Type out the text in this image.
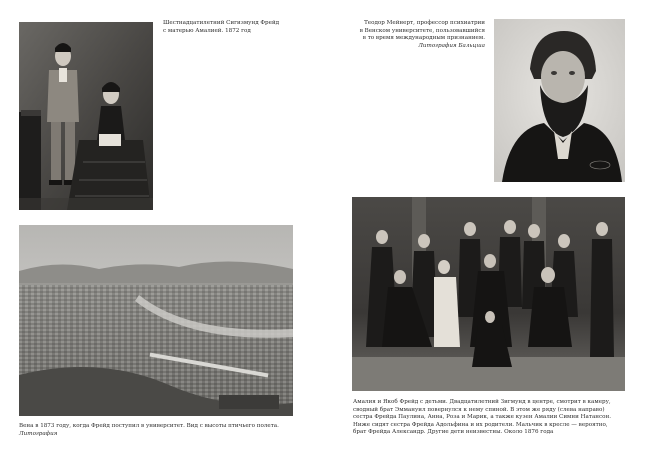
Шестнадцатилетний Сигизмунд Фрейд
с матерью Амалией. 1872 год
Теодор Мейнерт, профессор психиатрии
в Венском университете, пользовавшийся
в то время международным признанием.
Литография Бальцша
Вена в 1873 году, когда Фрейд поступил в университет. Вид с высоты птичьего полета.
Литография
Амалия и Якоб Фрейд с детьми. Двадцатилетний Зигмунд в центре, смотрит в камеру,
сводный брат Эммануил повернулся к нему спиной. В этом же ряду (слева направо)
сестра Фрейда Паулина, Анна, Роза и Марик, а также кузен Амалии Симни Натансон.
Ниже сидят сестра Фрейда Адольфина и их родители. Мальчик в кресле — вероятно,
брат Фрейда Александр. Другие дети неизвестны. Около 1876 года
